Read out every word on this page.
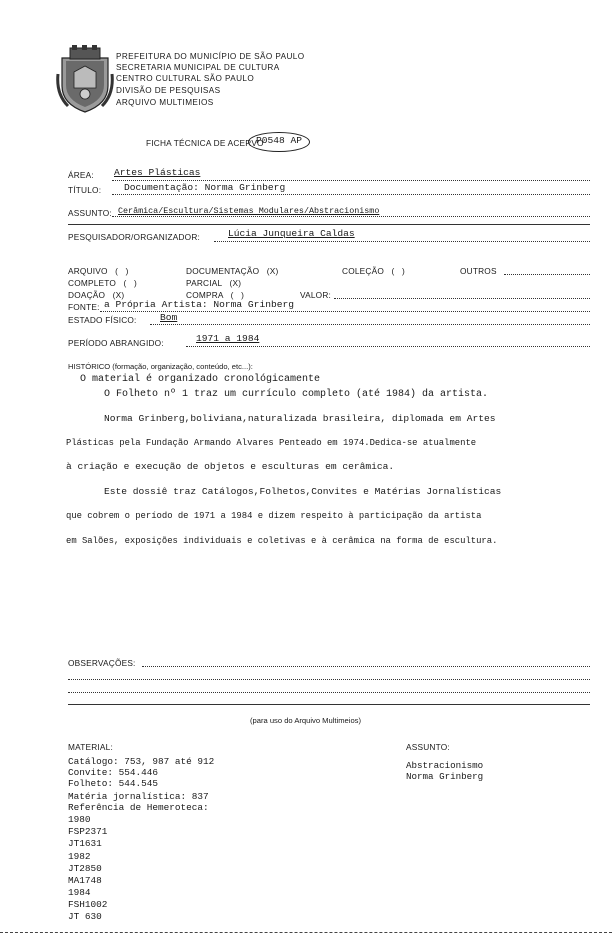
PREFEITURA DO MUNICÍPIO DE SÃO PAULO
SECRETARIA MUNICIPAL DE CULTURA
CENTRO CULTURAL SÃO PAULO
DIVISÃO DE PESQUISAS
ARQUIVO MULTIMEIOS
FICHA TÉCNICA DE ACERVO
P0548 AP
ÁREA: Artes Plásticas
TÍTULO: Documentação: Norma Grinberg
ASSUNTO: Cerâmica/Escultura/Sistemas Modulares/Abstracionismo
PESQUISADOR/ORGANIZADOR:	Lúcia Junqueira Caldas
ARQUIVO   (   )	DOCUMENTAÇÃO   (X)	COLEÇÃO   (   )	OUTROS
COMPLETO   (   )	PARCIAL   (X)
DOAÇÃO   (X)	COMPRA   (   )	VALOR:
FONTE: a Própria Artista: Norma Grinberg
ESTADO FÍSICO: Bom
PERÍODO ABRANGIDO:	1971 a 1984
HISTÓRICO (formação, organização, conteúdo, etc...):
O material é organizado cronológicamente
O Folheto nº 1 traz um currículo completo (até 1984) da artista.
Norma Grinberg,boliviana,naturalizada brasileira, diplomada em Artes
Plásticas pela Fundação Armando Alvares Penteado em 1974.Dedica-se atualmente
à criação e execução de objetos e esculturas em cerâmica.
Este dossiê traz Catálogos,Folhetos,Convites e Matérias Jornalísticas
que cobrem o período de 1971 a 1984 e dizem respeito à participação da artista
em Salões, exposições individuais e coletivas e à cerâmica na forma de escultura.
OBSERVAÇÕES:
(para uso do Arquivo Multimeios)
MATERIAL:
Catálogo: 753, 987 até 912
Convite: 554.446
Folheto: 544.545
Matéria jornalística: 837
Referência de Hemeroteca:
1980
FSP2371
JT1631
1982
JT2850
MA1748
1984
FSH1002
JT 630
ASSUNTO:
Abstracionismo
Norma Grinberg
